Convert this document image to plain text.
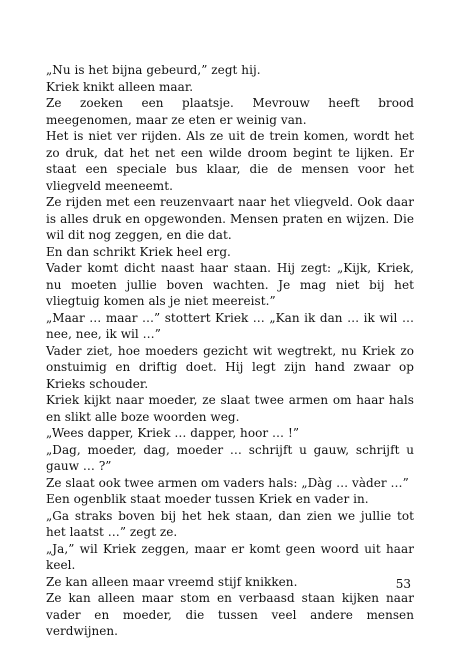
„Nu is het bijna gebeurd,” zegt hij.

Kriek knikt alleen maar.

Ze zoeken een plaatsje. Mevrouw heeft brood meegenomen, maar ze eten er weinig van.

Het is niet ver rijden. Als ze uit de trein komen, wordt het zo druk, dat het net een wilde droom begint te lijken. Er staat een speciale bus klaar, die de mensen voor het vliegveld meeneemt.

Ze rijden met een reuzenvaart naar het vliegveld. Ook daar is alles druk en opgewonden. Mensen praten en wijzen. Die wil dit nog zeggen, en die dat.

En dan schrikt Kriek heel erg.

Vader komt dicht naast haar staan. Hij zegt: „Kijk, Kriek, nu moeten jullie boven wachten. Je mag niet bij het vliegtuig komen als je niet meereist.”

„Maar … maar …” stottert Kriek … „Kan ik dan … ik wil … nee, nee, ik wil …”

Vader ziet, hoe moeders gezicht wit wegtrekt, nu Kriek zo onstuimig en driftig doet. Hij legt zijn hand zwaar op Krieks schouder.

Kriek kijkt naar moeder, ze slaat twee armen om haar hals en slikt alle boze woorden weg.

„Wees dapper, Kriek … dapper, hoor … !”

„Dag, moeder, dag, moeder … schrijft u gauw, schrijft u gauw … ?”

Ze slaat ook twee armen om vaders hals: „Dàg … vàder …”

Een ogenblik staat moeder tussen Kriek en vader in.

„Ga straks boven bij het hek staan, dan zien we jullie tot het laatst …” zegt ze.

„Ja,” wil Kriek zeggen, maar er komt geen woord uit haar keel.

Ze kan alleen maar vreemd stijf knikken.

Ze kan alleen maar stom en verbaasd staan kijken naar vader en moeder, die tussen veel andere mensen verdwijnen.

53
